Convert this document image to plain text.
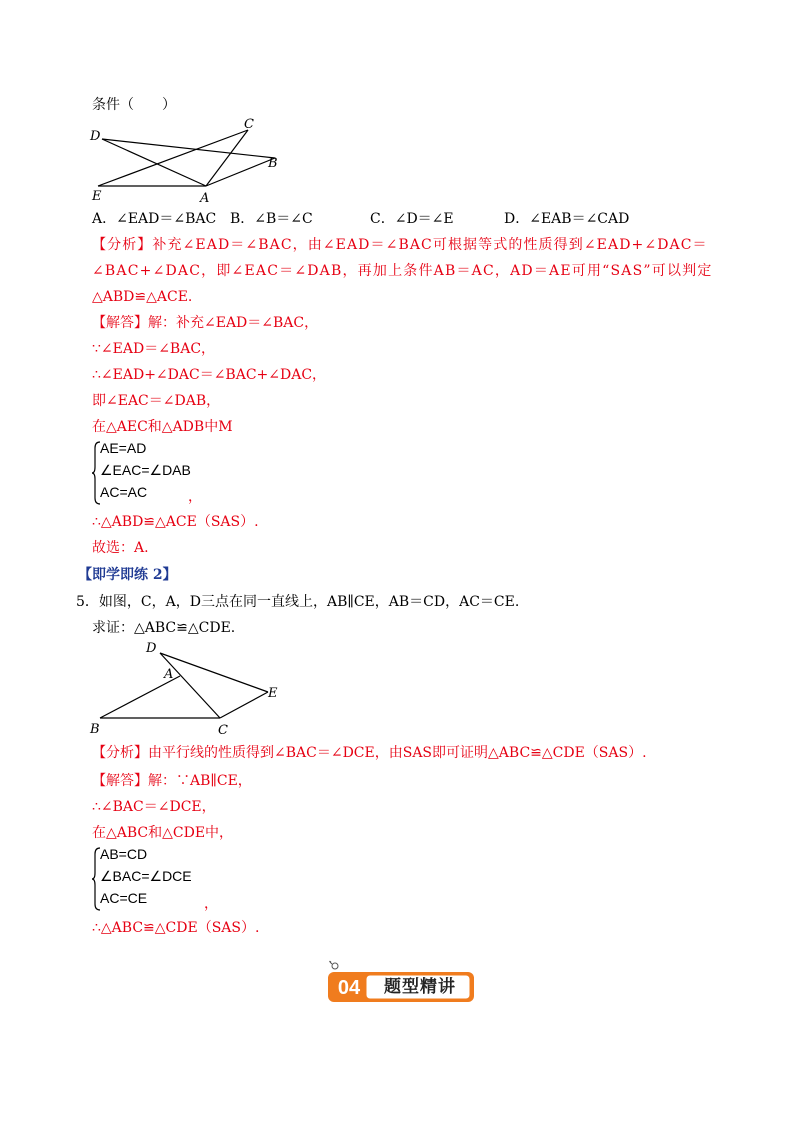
条件（　　）
D
C
B
E	A
A．∠EAD＝∠BAC B．∠B＝∠C	C．∠D＝∠E	D．∠EAB＝∠CAD
【分析】补充∠EAD＝∠BAC，由∠EAD＝∠BAC可根据等式的性质得到∠EAD+∠DAC＝
∠BAC+∠DAC，即∠EAC＝∠DAB，再加上条件AB＝AC，AD＝AE可用“SAS”可以判定
△ABD≌△ACE.
【解答】解：补充∠EAD＝∠BAC，
∵∠EAD＝∠BAC，
∴∠EAD+∠DAC＝∠BAC+∠DAC，
即∠EAC＝∠DAB，
在△AEC和△ADB中M
AE=AD
∠EAC=∠DAB
AC=AC	，
∴△ABD≌△ACE（SAS）.
故选：A.
【即学即练 2】
5．如图，C，A，D三点在同一直线上，AB∥CE，AB＝CD，AC＝CE.
求证：△ABC≌△CDE.
D
A
E
B	C
【分析】由平行线的性质得到∠BAC＝∠DCE，由SAS即可证明△ABC≌△CDE（SAS）.
【解答】解：∵AB∥CE，
∴∠BAC＝∠DCE，
在△ABC和△CDE中，
AB=CD
∠BAC=∠DCE
AC=CE	，
∴△ABC≌△CDE（SAS）.
04	题型精讲
